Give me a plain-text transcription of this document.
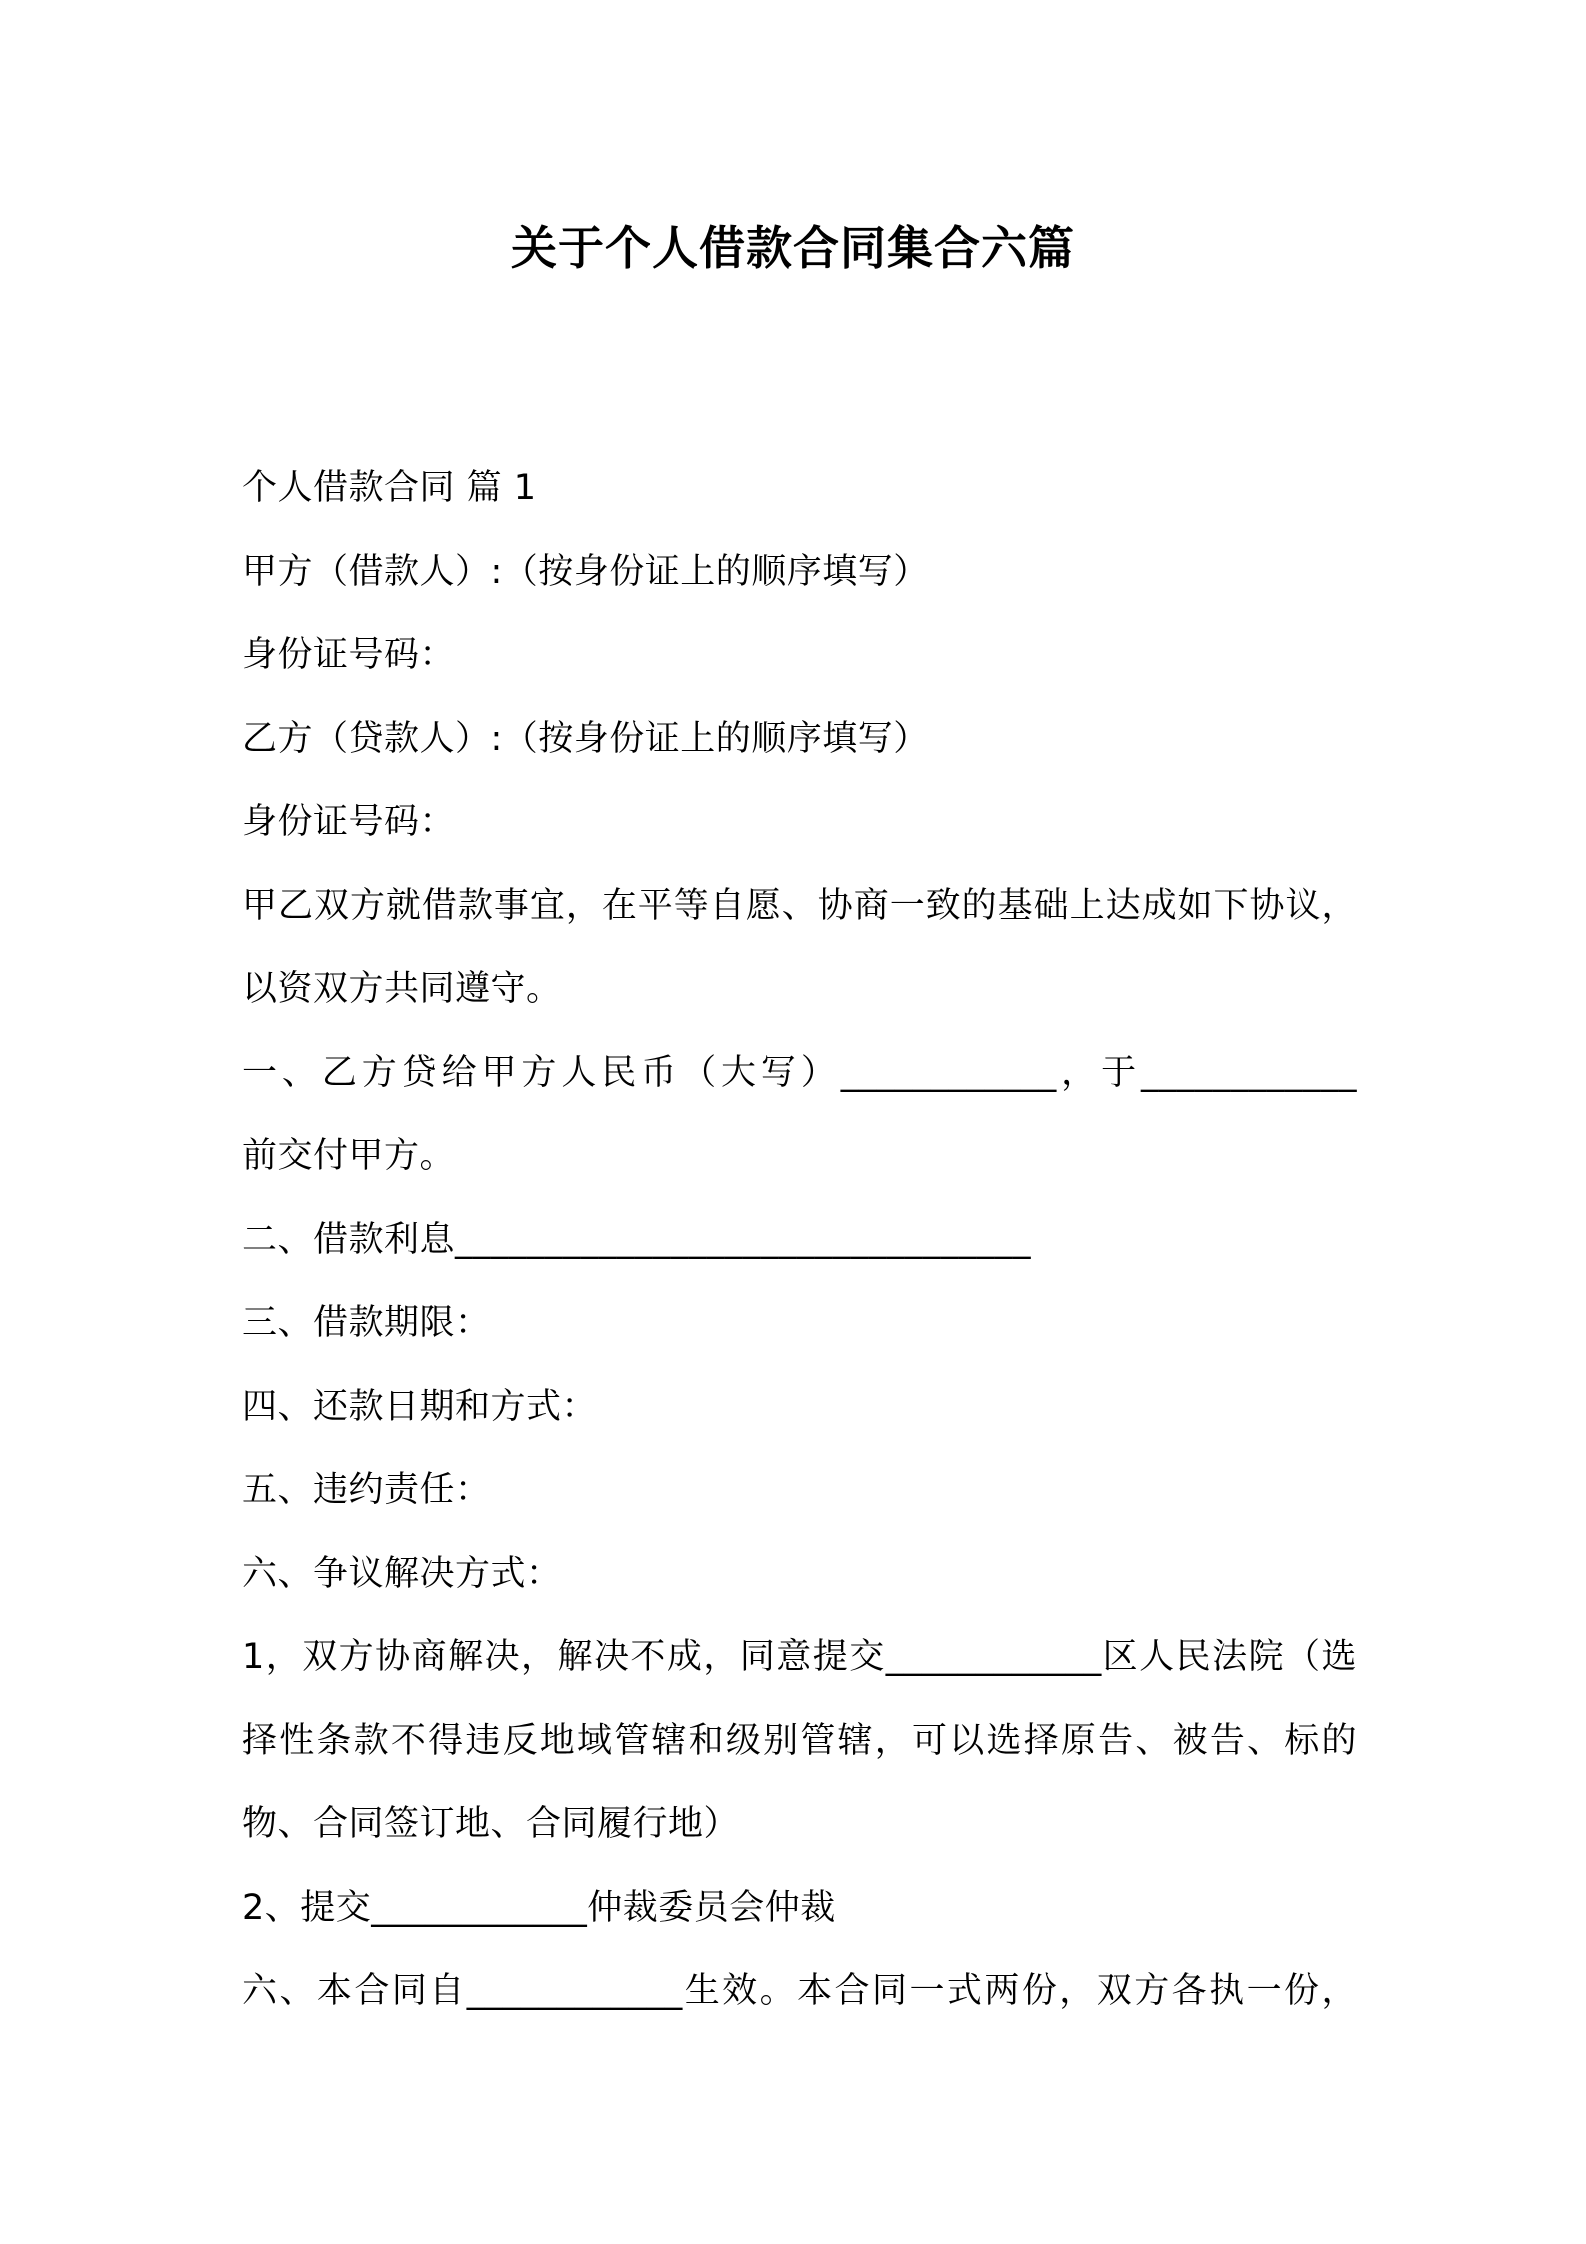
关于个人借款合同集合六篇
个人借款合同 篇 1
甲方（借款人）:（按身份证上的顺序填写）
身份证号码：
乙方（贷款人）:（按身份证上的顺序填写）
身份证号码：
甲乙双方就借款事宜，在平等自愿、协商一致的基础上达成如下协议，
以资双方共同遵守。
一、乙方贷给甲方人民币（大写）____________，于____________
前交付甲方。
二、借款利息________________________________
三、借款期限：
四、还款日期和方式：
五、违约责任：
六、争议解决方式：
1，双方协商解决，解决不成，同意提交____________区人民法院（选
择性条款不得违反地域管辖和级别管辖，可以选择原告、被告、标的
物、合同签订地、合同履行地）
2、提交____________仲裁委员会仲裁
六、本合同自____________生效。本合同一式两份，双方各执一份，
